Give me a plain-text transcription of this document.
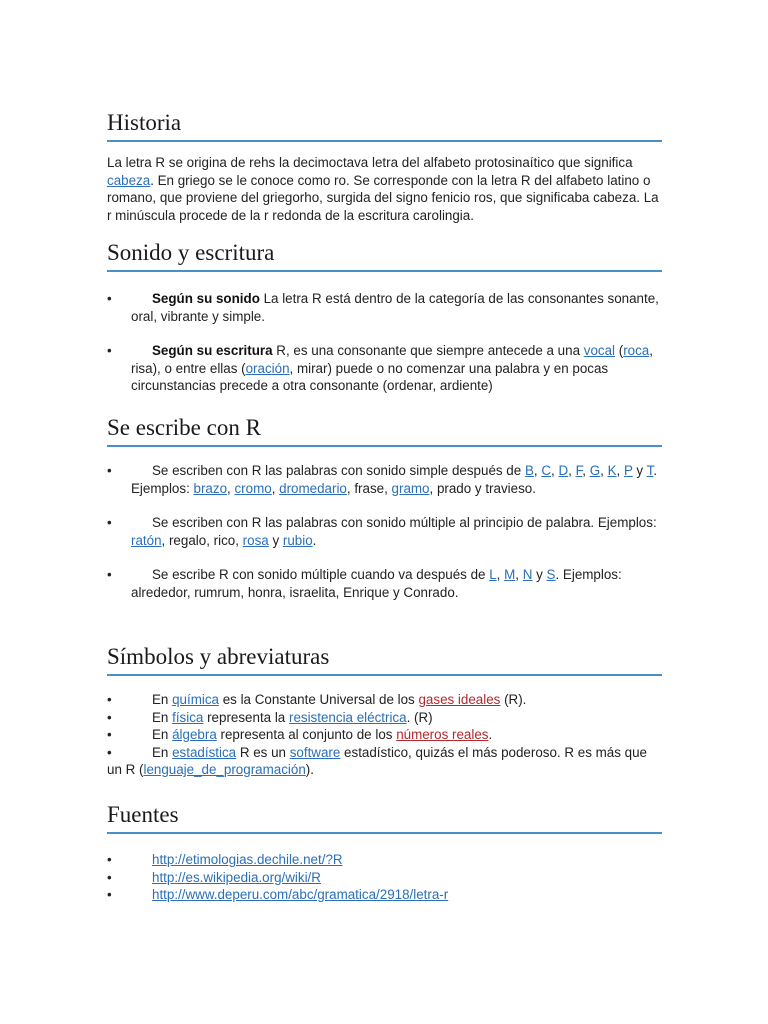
Historia

La letra R se origina de rehs la decimoctava letra del alfabeto protosinaítico que significa cabeza. En griego se le conoce como ro. Se corresponde con la letra R del alfabeto latino o romano, que proviene del griegorho, surgida del signo fenicio ros, que significaba cabeza. La r minúscula procede de la r redonda de la escritura carolingia.

Sonido y escritura
•	Según su sonido La letra R está dentro de la categoría de las consonantes sonante, oral, vibrante y simple.
•	Según su escritura R, es una consonante que siempre antecede a una vocal (roca, risa), o entre ellas (oración, mirar) puede o no comenzar una palabra y en pocas circunstancias precede a otra consonante (ordenar, ardiente)
Se escribe con R
•	Se escriben con R las palabras con sonido simple después de B, C, D, F, G, K, P y T. Ejemplos: brazo, cromo, dromedario, frase, gramo, prado y travieso.
•	Se escriben con R las palabras con sonido múltiple al principio de palabra. Ejemplos: ratón, regalo, rico, rosa y rubio.
•	Se escribe R con sonido múltiple cuando va después de L, M, N y S. Ejemplos: alrededor, rumrum, honra, israelita, Enrique y Conrado.
Símbolos y abreviaturas
•	En química es la Constante Universal de los gases ideales (R).
•	En física representa la resistencia eléctrica. (R)
•	En álgebra representa al conjunto de los números reales.
•	En estadística R es un software estadístico, quizás el más poderoso. R es más que un R (lenguaje_de_programación).
Fuentes
•	http://etimologias.dechile.net/?R
•	http://es.wikipedia.org/wiki/R
•	http://www.deperu.com/abc/gramatica/2918/letra-r
